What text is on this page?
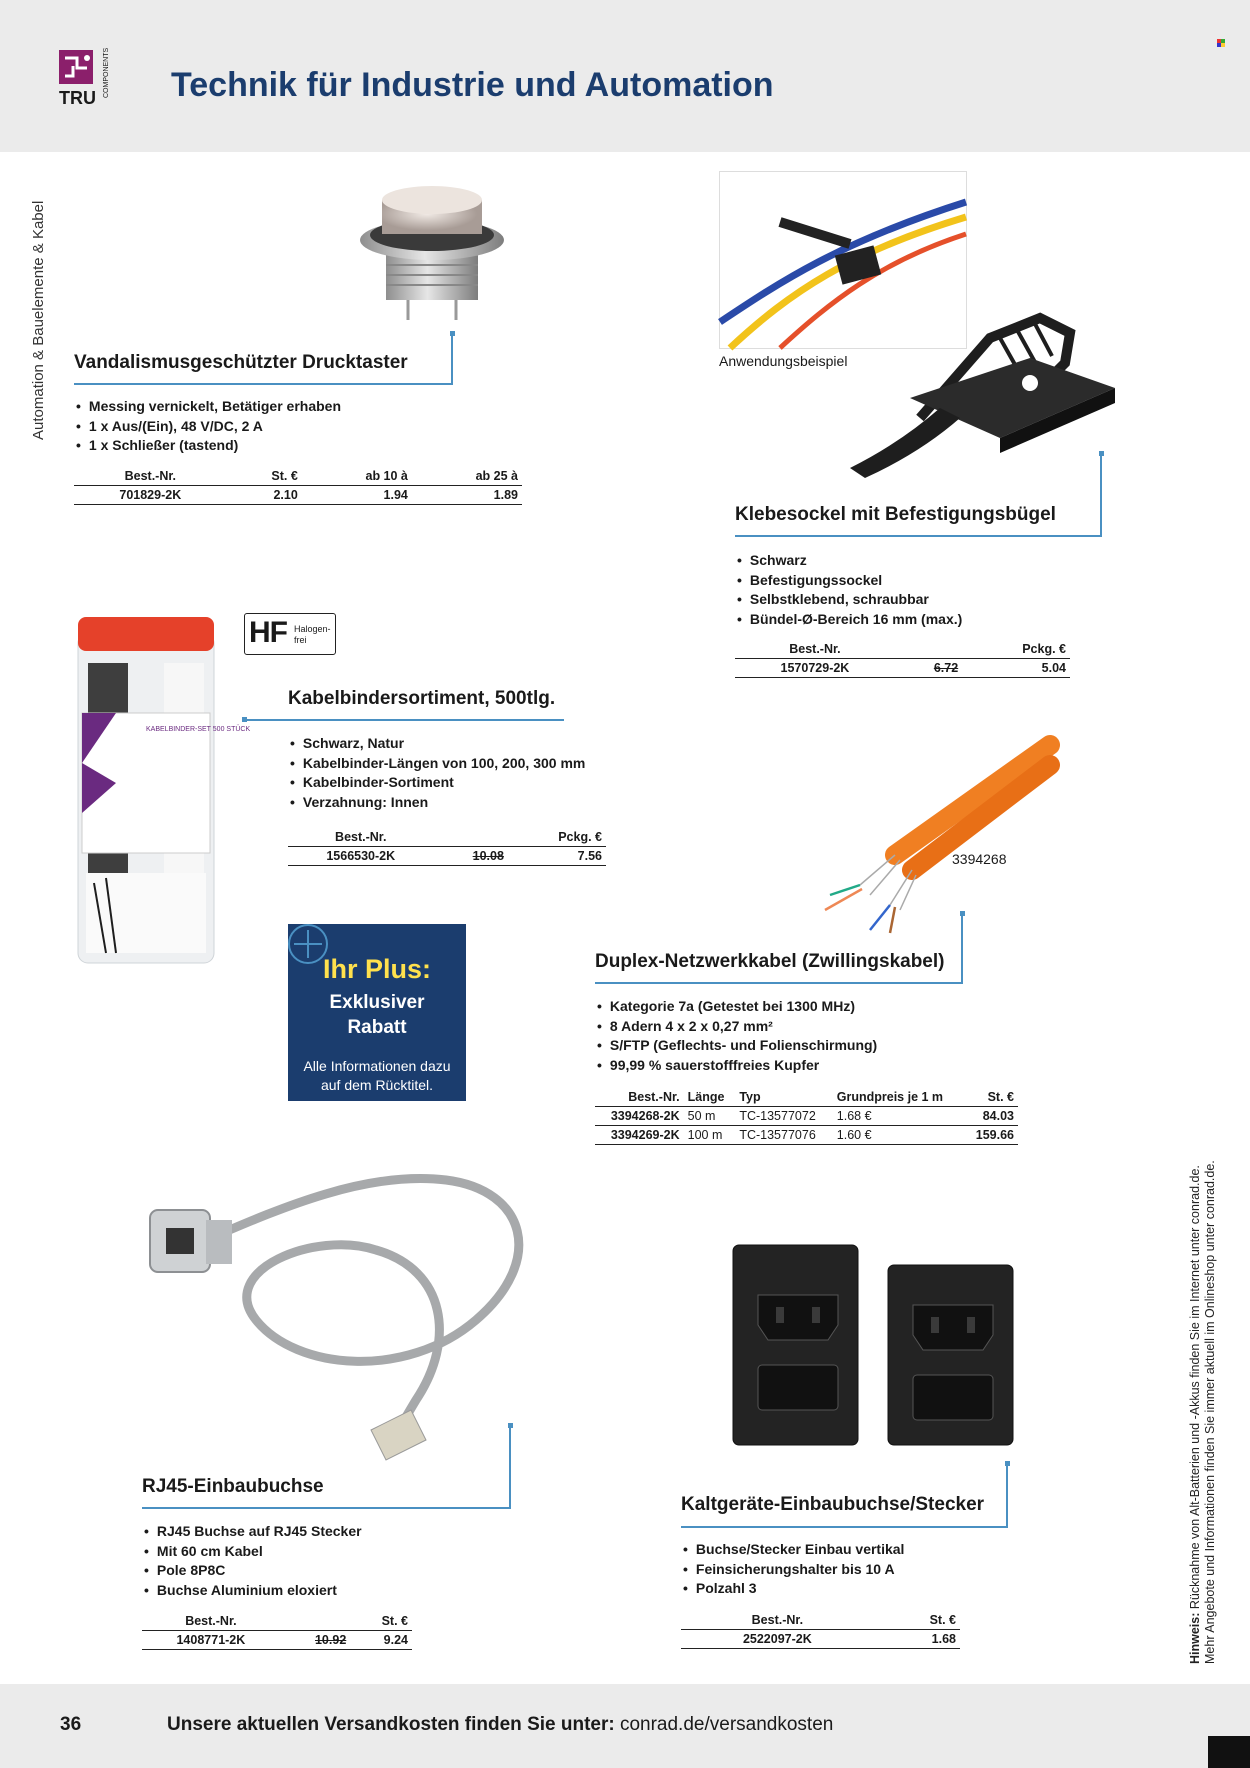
TRU COMPONENTS Technik für Industrie und Automation
Automation & Bauelemente & Kabel Vandalismusgeschützter Drucktaster
• Messing vernickelt, Betätiger erhaben
• 1 x Aus/(Ein), 48 V/DC, 2 A
• 1 x Schließer (tastend)
Best.-Nr.	St. €	ab 10 à	ab 25 à
701829-2K	2.10	1.94	1.89
Anwendungsbeispiel
Klebesockel mit Befestigungsbügel
• Schwarz
• Befestigungssockel
• Selbstklebend, schraubbar
• Bündel-Ø-Bereich 16 mm (max.)
Best.-Nr.		Pckg. €
1570729-2K	6.72	5.04
KABELBINDER-SET 500 STÜCK
HF Halogen-frei
Kabelbindersortiment, 500tlg.
• Schwarz, Natur
• Kabelbinder-Längen von 100, 200, 300 mm
• Kabelbinder-Sortiment
• Verzahnung: Innen
Best.-Nr.		Pckg. €
1566530-2K	10.08	7.56
Ihr Plus:
Exklusiver
Rabatt
Alle Informationen dazu
auf dem Rücktitel.
3394268
Duplex-Netzwerkkabel (Zwillingskabel)
• Kategorie 7a (Getestet bei 1300 MHz)
• 8 Adern 4 x 2 x 0,27 mm²
• S/FTP (Geflechts- und Folienschirmung)
• 99,99 % sauerstofffreies Kupfer
Best.-Nr.	Länge	Typ	Grundpreis je 1 m	St. €
3394268-2K	50 m	TC-13577072	1.68 €	84.03
3394269-2K	100 m	TC-13577076	1.60 €	159.66
RJ45-Einbaubuchse
• RJ45 Buchse auf RJ45 Stecker
• Mit 60 cm Kabel
• Pole 8P8C
• Buchse Aluminium eloxiert
Best.-Nr.		St. €
1408771-2K	10.92	9.24
Kaltgeräte-Einbaubuchse/Stecker
• Buchse/Stecker Einbau vertikal
• Feinsicherungshalter bis 10 A
• Polzahl 3
Best.-Nr.	St. €
2522097-2K	1.68	Hinweis: Rücknahme von Alt-Batterien und -Akkus finden Sie im Internet unter conrad.de. Mehr Angebote und Informationen finden Sie immer aktuell im Onlineshop unter conrad.de.
36	Unsere aktuellen Versandkosten finden Sie unter: conrad.de/versandkosten
